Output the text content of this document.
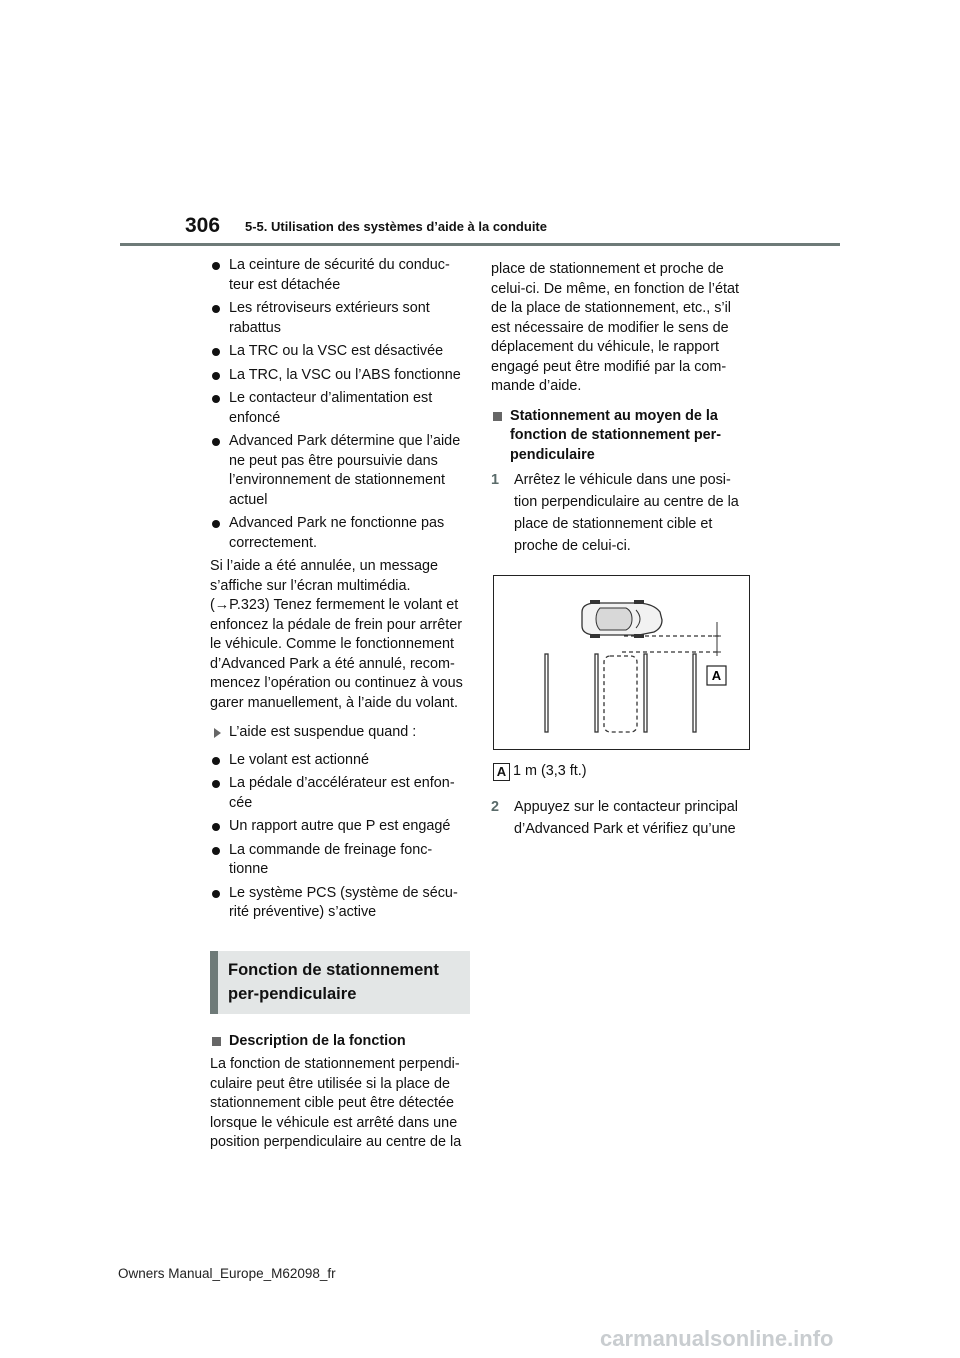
306 5-5. Utilisation des systèmes d’aide à la conduite
La ceinture de sécurité du conduc-teur est détachée
Les rétroviseurs extérieurs sont rabattus
La TRC ou la VSC est désactivée
La TRC, la VSC ou l’ABS fonctionne
Le contacteur d’alimentation est enfoncé
Advanced Park détermine que l’aide ne peut pas être poursuivie dans l’environnement de stationnement actuel
Advanced Park ne fonctionne pas correctement.
Si l’aide a été annulée, un message s’affiche sur l’écran multimédia. (→P.323) Tenez fermement le volant et enfoncez la pédale de frein pour arrêter le véhicule. Comme le fonctionnement d’Advanced Park a été annulé, recom-mencez l’opération ou continuez à vous garer manuellement, à l’aide du volant.
L’aide est suspendue quand :
Le volant est actionné
La pédale d’accélérateur est enfon-cée
Un rapport autre que P est engagé
La commande de freinage fonc-tionne
Le système PCS (système de sécu-rité préventive) s’active
Fonction de stationnement per-pendiculaire
Description de la fonction
La fonction de stationnement perpendi-culaire peut être utilisée si la place de stationnement cible peut être détectée lorsque le véhicule est arrêté dans une position perpendiculaire au centre de la
place de stationnement et proche de celui-ci. De même, en fonction de l’état de la place de stationnement, etc., s’il est nécessaire de modifier le sens de déplacement du véhicule, le rapport engagé peut être modifié par la com-mande d’aide.
Stationnement au moyen de la fonction de stationnement per-pendiculaire
1 Arrêtez le véhicule dans une posi-tion perpendiculaire au centre de la place de stationnement cible et proche de celui-ci.
A
A 1 m (3,3 ft.)
2 Appuyez sur le contacteur principal d’Advanced Park et vérifiez qu’une
Owners Manual_Europe_M62098_fr
carmanualsonline.info
